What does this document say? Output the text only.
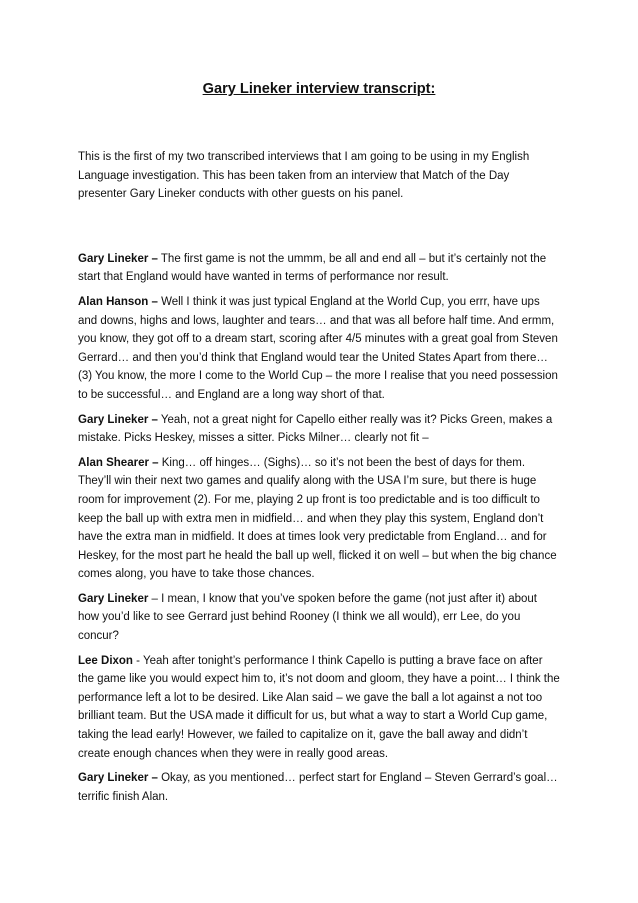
Gary Lineker interview transcript:

This is the first of my two transcribed interviews that I am going to be using in my English Language investigation. This has been taken from an interview that Match of the Day presenter Gary Lineker conducts with other guests on his panel.

Gary Lineker – The first game is not the ummm, be all and end all – but it’s certainly not the start that England would have wanted in terms of performance nor result.

Alan Hanson – Well I think it was just typical England at the World Cup, you errr, have ups and downs, highs and lows, laughter and tears… and that was all before half time. And ermm, you know, they got off to a dream start, scoring after 4/5 minutes with a great goal from Steven Gerrard… and then you’d think that England would tear the United States Apart from there… (3) You know, the more I come to the World Cup – the more I realise that you need possession to be successful… and England are a long way short of that.

Gary Lineker – Yeah, not a great night for Capello either really was it? Picks Green, makes a mistake. Picks Heskey, misses a sitter. Picks Milner… clearly not fit –

Alan Shearer – King… off hinges… (Sighs)… so it’s not been the best of days for them. They’ll win their next two games and qualify along with the USA I’m sure, but there is huge room for improvement (2). For me, playing 2 up front is too predictable and is too difficult to keep the ball up with extra men in midfield… and when they play this system, England don’t have the extra man in midfield. It does at times look very predictable from England… and for Heskey, for the most part he heald the ball up well, flicked it on well – but when the big chance comes along, you have to take those chances.

Gary Lineker – I mean, I know that you’ve spoken before the game (not just after it) about how you’d like to see Gerrard just behind Rooney (I think we all would), err Lee, do you concur?

Lee Dixon - Yeah after tonight’s performance I think Capello is putting a brave face on after the game like you would expect him to, it’s not doom and gloom, they have a point… I think the performance left a lot to be desired. Like Alan said – we gave the ball a lot against a not too brilliant team. But the USA made it difficult for us, but what a way to start a World Cup game, taking the lead early! However, we failed to capitalize on it, gave the ball away and didn’t create enough chances when they were in really good areas.

Gary Lineker – Okay, as you mentioned… perfect start for England – Steven Gerrard’s goal… terrific finish Alan.
